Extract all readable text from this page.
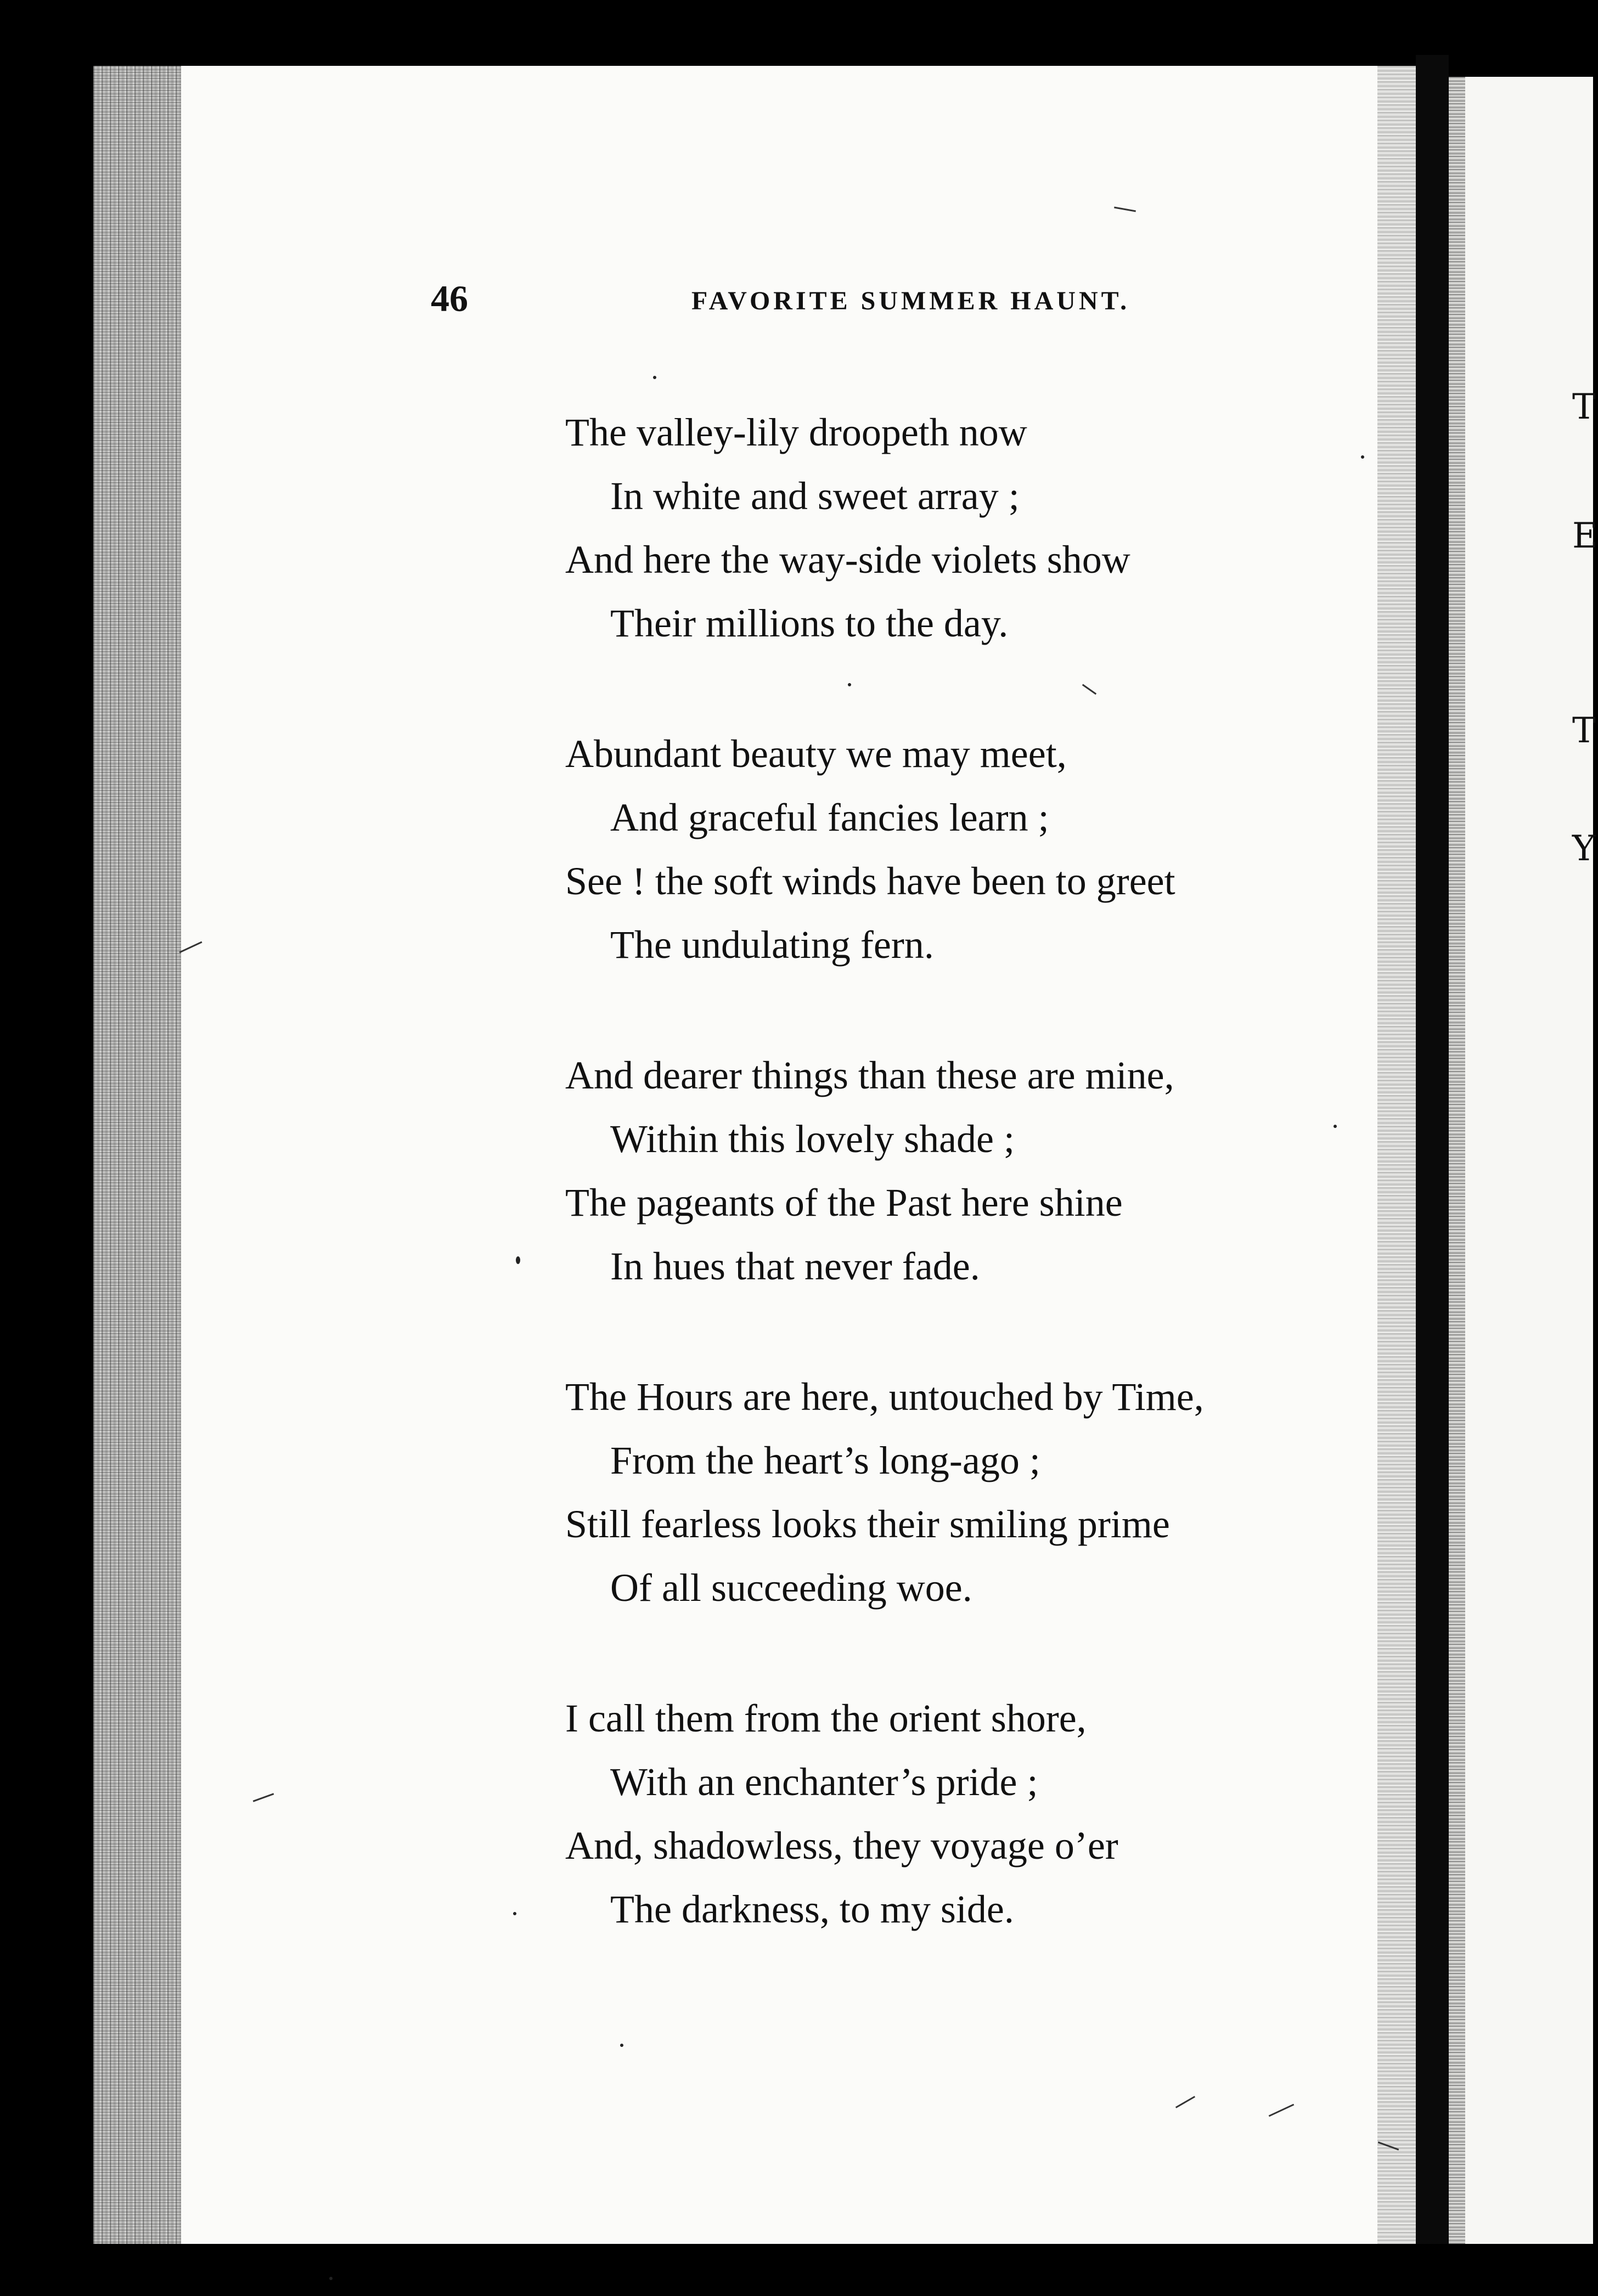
T
E
T
Y
46	FAVORITE SUMMER HAUNT.
The valley-lily droopeth now
In white and sweet array ;
And here the way-side violets show
Their millions to the day.
Abundant beauty we may meet,
And graceful fancies learn ;
See ! the soft winds have been to greet
The undulating fern.
And dearer things than these are mine,
Within this lovely shade ;
The pageants of the Past here shine
In hues that never fade.
The Hours are here, untouched by Time,
From the heart’s long-ago ;
Still fearless looks their smiling prime
Of all succeeding woe.
I call them from the orient shore,
With an enchanter’s pride ;
And, shadowless, they voyage o’er
The darkness, to my side.
